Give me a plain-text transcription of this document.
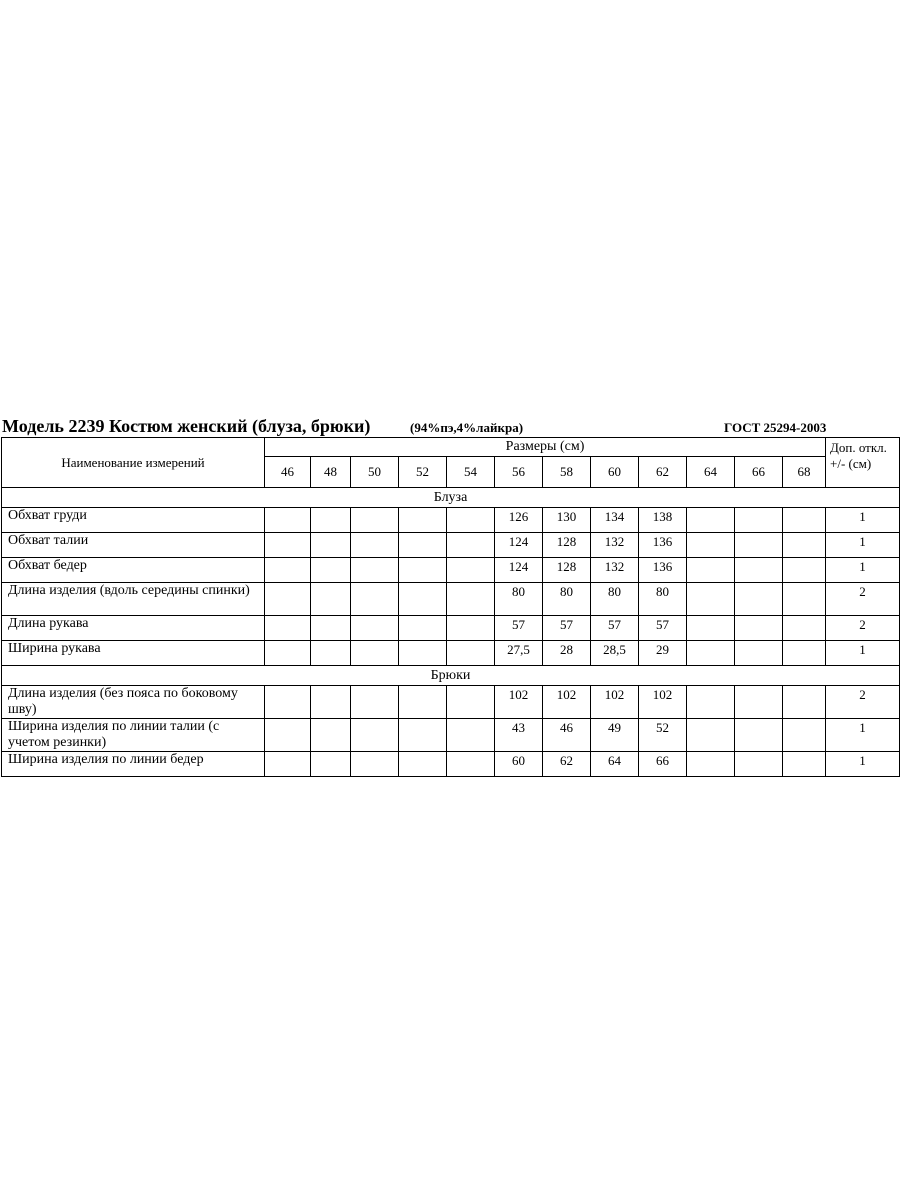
Модель 2239 Костюм женский (блуза, брюки)	(94%пэ,4%лайкра)	ГОСТ 25294-2003
Наименование измерений	Размеры (см)												Доп. откл. +/- (см)
	46	48	50	52	54	56	58	60	62	64	66	68	
Блуза													
Обхват груди						126	130	134	138				1
Обхват талии						124	128	132	136				1
Обхват бедер						124	128	132	136				1
Длина изделия (вдоль середины спинки)						80	80	80	80				2
Длина рукава						57	57	57	57				2
Ширина рукава						27,5	28	28,5	29				1
Брюки													
Длина изделия (без пояса по боковому шву)						102	102	102	102				2
Ширина изделия по линии талии (с учетом резинки)						43	46	49	52				1
Ширина изделия по линии бедер						60	62	64	66				1
